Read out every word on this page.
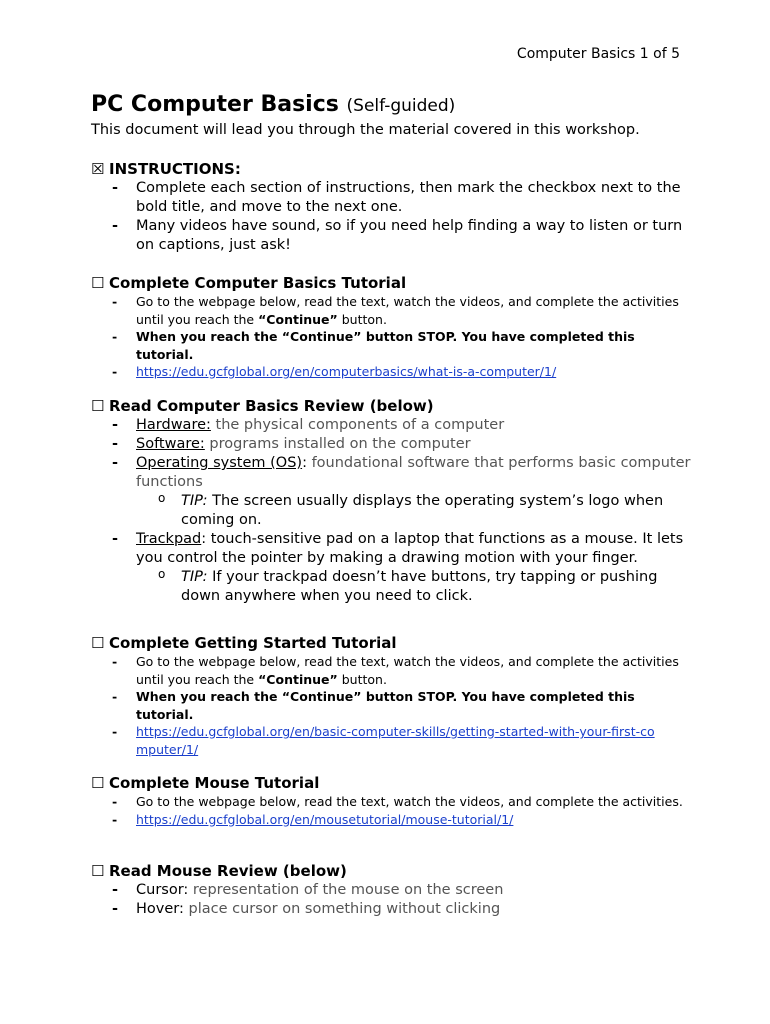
Computer Basics 1 of 5
PC Computer Basics (Self-guided)
This document will lead you through the material covered in this workshop.
☒ INSTRUCTIONS:
- Complete each section of instructions, then mark the checkbox next to the bold title, and move to the next one.
- Many videos have sound, so if you need help finding a way to listen or turn on captions, just ask!
☐ Complete Computer Basics Tutorial
- Go to the webpage below, read the text, watch the videos, and complete the activities until you reach the “Continue” button.
- When you reach the “Continue” button STOP. You have completed this tutorial.
- https://edu.gcfglobal.org/en/computerbasics/what-is-a-computer/1/
☐ Read Computer Basics Review (below)
- Hardware: the physical components of a computer
- Software: programs installed on the computer
- Operating system (OS): foundational software that performs basic computer functions
o TIP: The screen usually displays the operating system’s logo when coming on.
- Trackpad: touch-sensitive pad on a laptop that functions as a mouse. It lets you control the pointer by making a drawing motion with your finger.
o TIP: If your trackpad doesn’t have buttons, try tapping or pushing down anywhere when you need to click.
☐ Complete Getting Started Tutorial
- Go to the webpage below, read the text, watch the videos, and complete the activities until you reach the “Continue” button.
- When you reach the “Continue” button STOP. You have completed this tutorial.
- https://edu.gcfglobal.org/en/basic-computer-skills/getting-started-with-your-first-computer/1/
☐ Complete Mouse Tutorial
- Go to the webpage below, read the text, watch the videos, and complete the activities.
- https://edu.gcfglobal.org/en/mousetutorial/mouse-tutorial/1/
☐ Read Mouse Review (below)
- Cursor: representation of the mouse on the screen
- Hover: place cursor on something without clicking
